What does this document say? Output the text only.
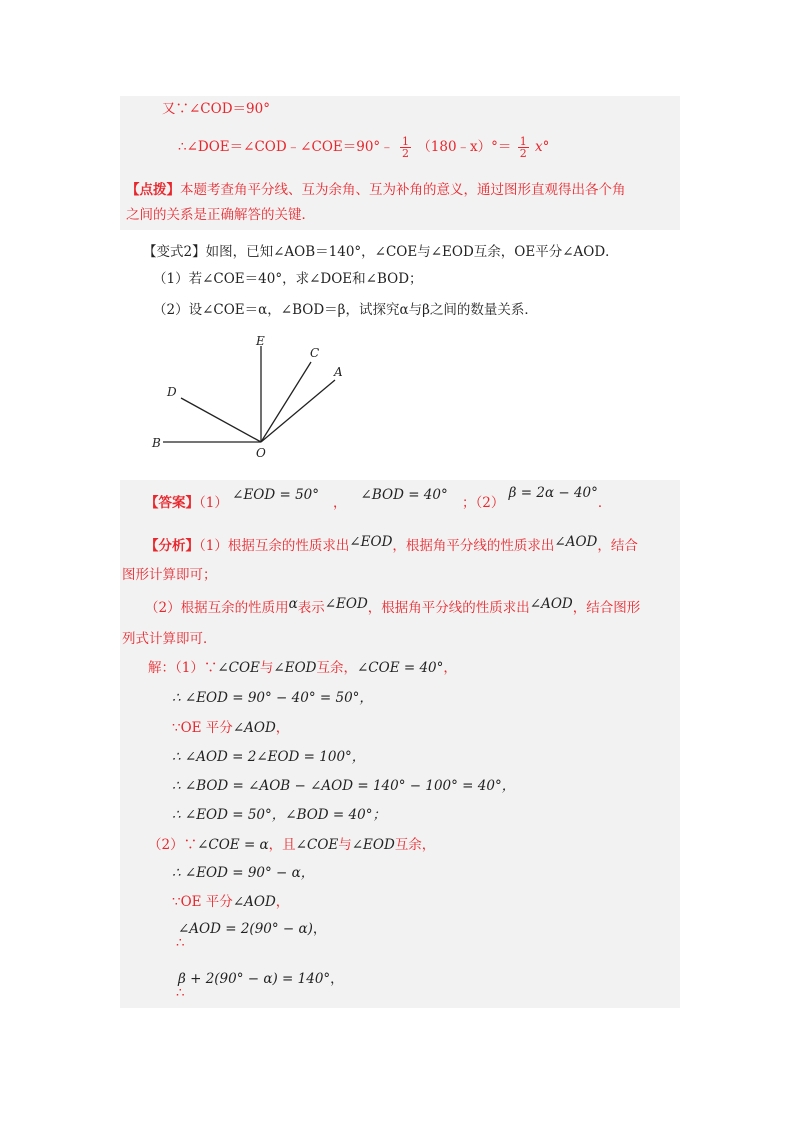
又∵∠COD＝90°
∴∠DOE＝∠COD﹣∠COE＝90°﹣ $\frac{1}{2}$ （180﹣x）°＝ $\frac{1}{2} x^\circ$
【点拨】本题考查角平分线、互为余角、互为补角的意义，通过图形直观得出各个角
之间的关系是正确解答的关键．
【变式2】如图，已知∠AOB＝140°，∠COE与∠EOD互余，OE平分∠AOD．
（1）若∠COE＝40°，求∠DOE和∠BOD；
（2）设∠COE＝α，∠BOD＝β，试探究α与β之间的数量关系．
E
C
A
D
B
O
【答案】（1） ∠EOD = 50° ， ∠BOD = 40° ；（2） β = 2α − 40°．
【分析】（1）根据互余的性质求出∠EOD，根据角平分线的性质求出∠AOD，结合
图形计算即可；
（2）根据互余的性质用α表示∠EOD，根据角平分线的性质求出∠AOD，结合图形
列式计算即可．
解：（1）∵∠COE与∠EOD互余，∠COE = 40°，
∴ ∠EOD = 90° − 40° = 50°，
∵OE 平分∠AOD，
∴ ∠AOD = 2∠EOD = 100°，
∴ ∠BOD = ∠AOB − ∠AOD = 140° − 100° = 40°，
∴ ∠EOD = 50°，∠BOD = 40°；
（2）∵∠COE = α，且∠COE与∠EOD互余，
∴ ∠EOD = 90° − α，
∵OE 平分∠AOD，
∠AOD = 2(90° − α)，
∴
β + 2(90° − α) = 140°，
∴
